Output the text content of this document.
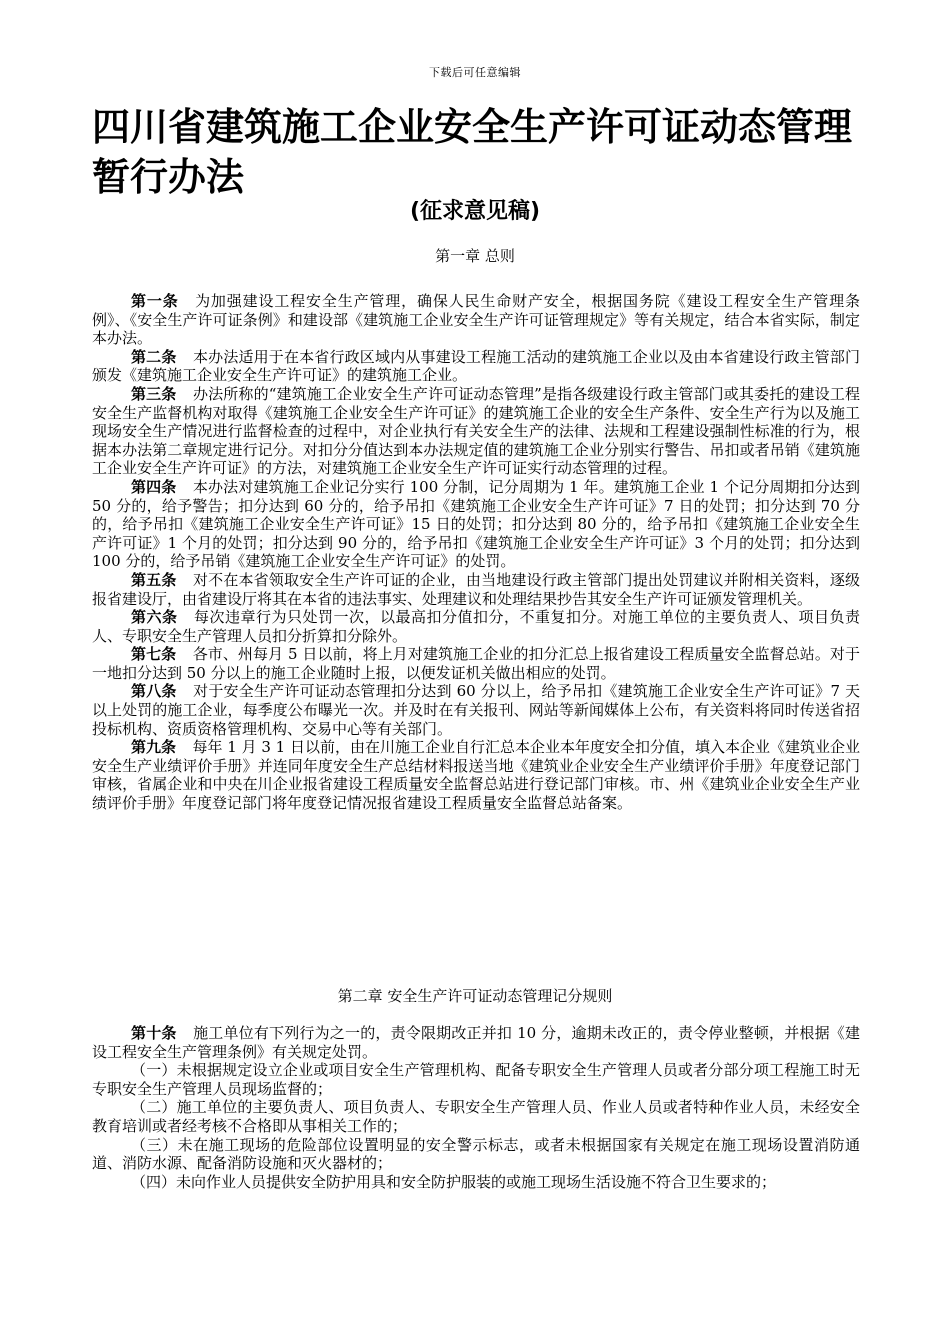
下载后可任意编辑
四川省建筑施工企业安全生产许可证动态管理暂行办法
(征求意见稿)
第一章 总则

第一条 为加强建设工程安全生产管理，确保人民生命财产安全，根据国务院《建设工程安全生产管理条例》、《安全生产许可证条例》和建设部《建筑施工企业安全生产许可证管理规定》等有关规定，结合本省实际，制定本办法。

第二条 本办法适用于在本省行政区域内从事建设工程施工活动的建筑施工企业以及由本省建设行政主管部门颁发《建筑施工企业安全生产许可证》的建筑施工企业。

第三条 办法所称的“建筑施工企业安全生产许可证动态管理”是指各级建设行政主管部门或其委托的建设工程安全生产监督机构对取得《建筑施工企业安全生产许可证》的建筑施工企业的安全生产条件、安全生产行为以及施工现场安全生产情况进行监督检查的过程中，对企业执行有关安全生产的法律、法规和工程建设强制性标准的行为，根据本办法第二章规定进行记分。对扣分分值达到本办法规定值的建筑施工企业分别实行警告、吊扣或者吊销《建筑施工企业安全生产许可证》的方法，对建筑施工企业安全生产许可证实行动态管理的过程。

第四条 本办法对建筑施工企业记分实行 100 分制，记分周期为 1 年。建筑施工企业 1 个记分周期扣分达到 50 分的，给予警告；扣分达到 60 分的，给予吊扣《建筑施工企业安全生产许可证》7 日的处罚；扣分达到 70 分的，给予吊扣《建筑施工企业安全生产许可证》15 日的处罚；扣分达到 80 分的，给予吊扣《建筑施工企业安全生产许可证》1 个月的处罚；扣分达到 90 分的，给予吊扣《建筑施工企业安全生产许可证》3 个月的处罚；扣分达到 100 分的，给予吊销《建筑施工企业安全生产许可证》的处罚。

第五条 对不在本省领取安全生产许可证的企业，由当地建设行政主管部门提出处罚建议并附相关资料，逐级报省建设厅，由省建设厅将其在本省的违法事实、处理建议和处理结果抄告其安全生产许可证颁发管理机关。

第六条 每次违章行为只处罚一次，以最高扣分值扣分，不重复扣分。对施工单位的主要负责人、项目负责人、专职安全生产管理人员扣分折算扣分除外。

第七条 各市、州每月 5 日以前，将上月对建筑施工企业的扣分汇总上报省建设工程质量安全监督总站。对于一地扣分达到 50 分以上的施工企业随时上报，以便发证机关做出相应的处罚。

第八条 对于安全生产许可证动态管理扣分达到 60 分以上，给予吊扣《建筑施工企业安全生产许可证》7 天以上处罚的施工企业，每季度公布曝光一次。并及时在有关报刊、网站等新闻媒体上公布，有关资料将同时传送省招投标机构、资质资格管理机构、交易中心等有关部门。

第九条 每年 1 月 3 1 日以前，由在川施工企业自行汇总本企业本年度安全扣分值，填入本企业《建筑业企业安全生产业绩评价手册》并连同年度安全生产总结材料报送当地《建筑业企业安全生产业绩评价手册》年度登记部门审核，省属企业和中央在川企业报省建设工程质量安全监督总站进行登记部门审核。市、州《建筑业企业安全生产业绩评价手册》年度登记部门将年度登记情况报省建设工程质量安全监督总站备案。

第二章 安全生产许可证动态管理记分规则

第十条 施工单位有下列行为之一的，责令限期改正并扣 10 分，逾期未改正的，责令停业整顿，并根据《建设工程安全生产管理条例》有关规定处罚。

（一）未根据规定设立企业或项目安全生产管理机构、配备专职安全生产管理人员或者分部分项工程施工时无专职安全生产管理人员现场监督的；

（二）施工单位的主要负责人、项目负责人、专职安全生产管理人员、作业人员或者特种作业人员，未经安全教育培训或者经考核不合格即从事相关工作的；

（三）未在施工现场的危险部位设置明显的安全警示标志，或者未根据国家有关规定在施工现场设置消防通道、消防水源、配备消防设施和灭火器材的；

（四）未向作业人员提供安全防护用具和安全防护服装的或施工现场生活设施不符合卫生要求的；
